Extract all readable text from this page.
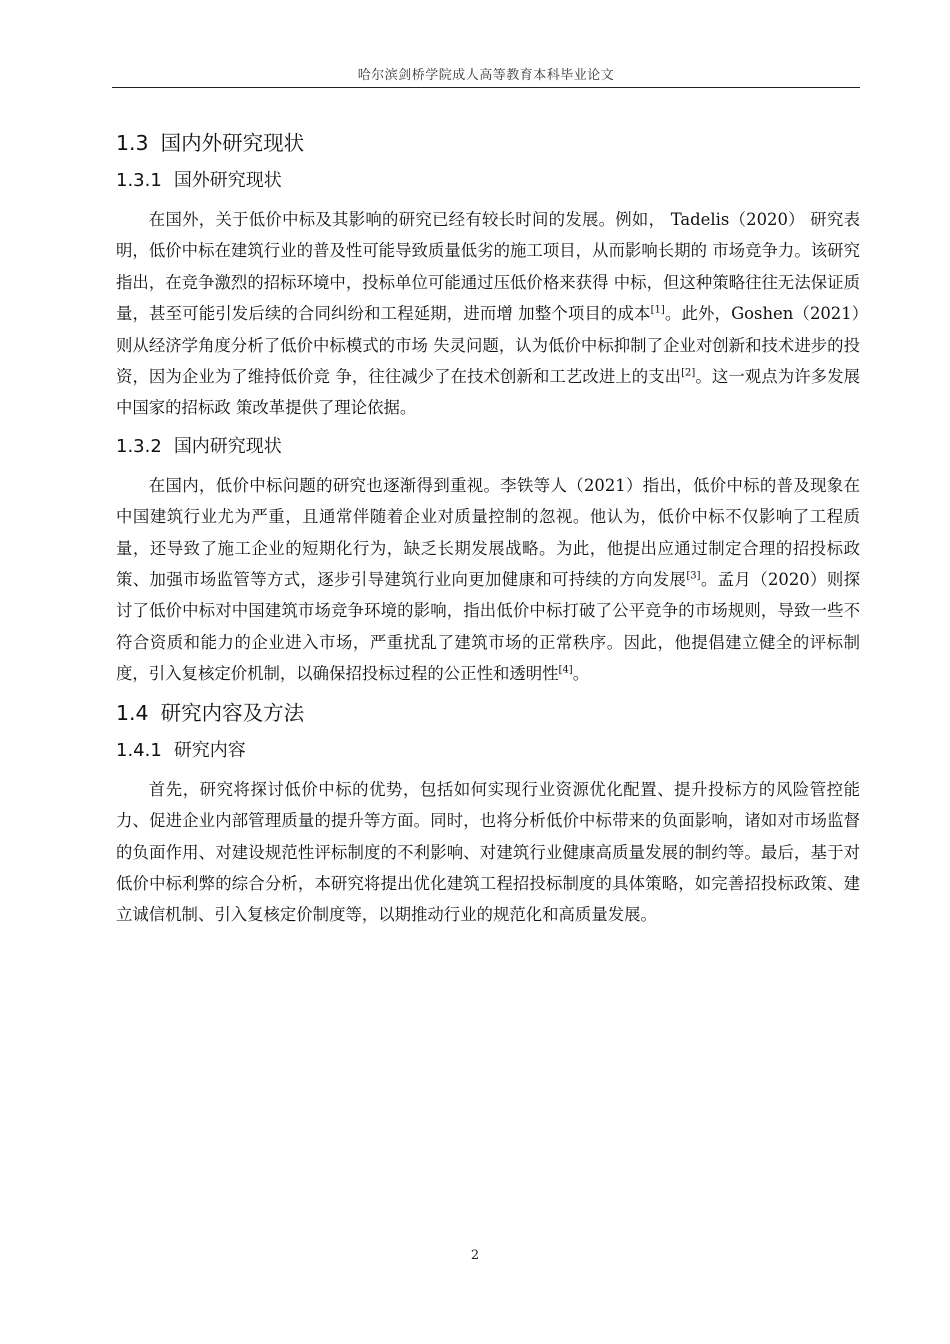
哈尔滨剑桥学院成人高等教育本科毕业论文
1.3 国内外研究现状
1.3.1 国外研究现状

在国外，关于低价中标及其影响的研究已经有较长时间的发展。例如， Tadelis（2020） 研究表明，低价中标在建筑行业的普及性可能导致质量低劣的施工项目，从而影响长期的 市场竞争力。该研究指出，在竞争激烈的招标环境中，投标单位可能通过压低价格来获得 中标，但这种策略往往无法保证质量，甚至可能引发后续的合同纠纷和工程延期，进而增 加整个项目的成本[1]。此外，Goshen（2021）则从经济学角度分析了低价中标模式的市场 失灵问题，认为低价中标抑制了企业对创新和技术进步的投资，因为企业为了维持低价竞 争，往往减少了在技术创新和工艺改进上的支出[2]。这一观点为许多发展中国家的招标政 策改革提供了理论依据。

1.3.2 国内研究现状

在国内，低价中标问题的研究也逐渐得到重视。李铁等人（2021）指出，低价中标的普及现象在中国建筑行业尤为严重，且通常伴随着企业对质量控制的忽视。他认为，低价中标不仅影响了工程质量，还导致了施工企业的短期化行为，缺乏长期发展战略。为此，他提出应通过制定合理的招投标政策、加强市场监管等方式，逐步引导建筑行业向更加健康和可持续的方向发展[3]。孟月（2020）则探讨了低价中标对中国建筑市场竞争环境的影响，指出低价中标打破了公平竞争的市场规则，导致一些不符合资质和能力的企业进入市场，严重扰乱了建筑市场的正常秩序。因此，他提倡建立健全的评标制度，引入复核定价机制，以确保招投标过程的公正性和透明性[4]。

1.4 研究内容及方法
1.4.1 研究内容

首先，研究将探讨低价中标的优势，包括如何实现行业资源优化配置、提升投标方的风险管控能力、促进企业内部管理质量的提升等方面。同时，也将分析低价中标带来的负面影响，诸如对市场监督的负面作用、对建设规范性评标制度的不利影响、对建筑行业健康高质量发展的制约等。最后，基于对低价中标利弊的综合分析，本研究将提出优化建筑工程招投标制度的具体策略，如完善招投标政策、建立诚信机制、引入复核定价制度等，以期推动行业的规范化和高质量发展。

2
